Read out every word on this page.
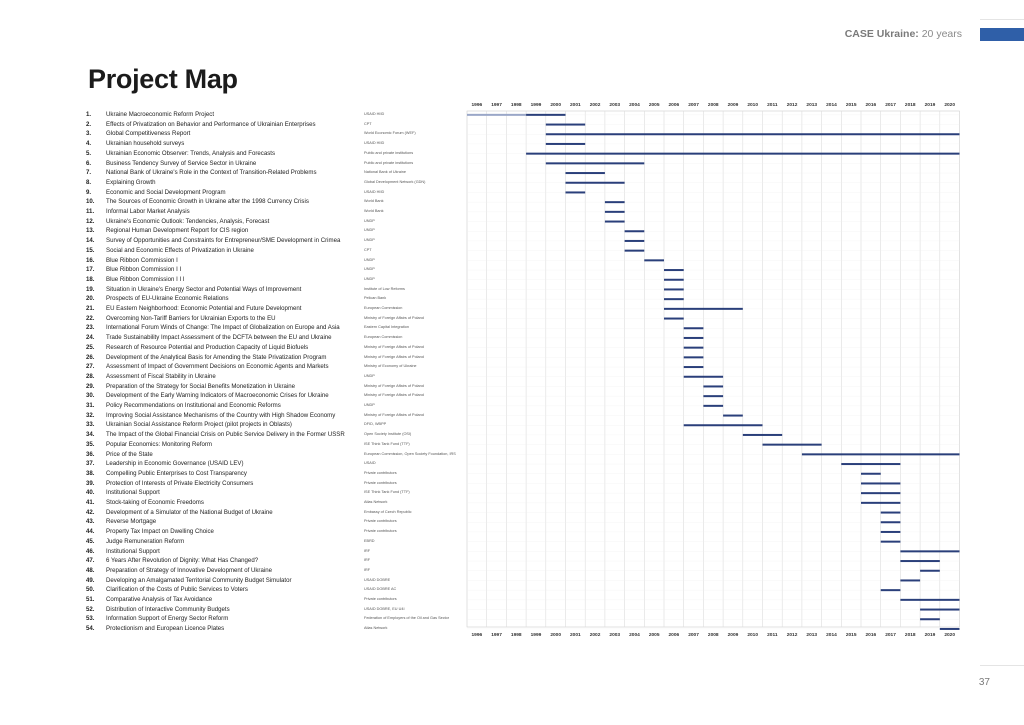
CASE Ukraine: 20 years
Project Map
1.	Ukraine Macroeconomic Reform Project	USAID HIID
2.	Effects of Privatization on Behavior and Performance of Ukrainian Enterprises	CPT
3.	Global Competitiveness Report	World Economic Forum (WEF)
4.	Ukrainian household surveys	USAID HIID
5.	Ukrainian Economic Observer: Trends, Analysis and Forecasts	Public and private institutions
6.	Business Tendency Survey of Service Sector in Ukraine	Public and private institutions
7.	National Bank of Ukraine's Role in the Context of Transition-Related Problems	National Bank of Ukraine
8.	Explaining Growth	Global Development Network (GDN)
9.	Economic and Social Development Program	USAID HIID
10.	The Sources of Economic Growth in Ukraine after the 1998 Currency Crisis	World Bank
11.	Informal Labor Market Analysis	World Bank
12.	Ukraine's Economic Outlook: Tendencies, Analysis, Forecast	UNDP
13.	Regional Human Development Report for CIS region	UNDP
14.	Survey of Opportunities and Constraints for Entrepreneur/SME Development in Crimea	UNDP
15.	Social and Economic Effects of Privatization in Ukraine	CPT
16.	Blue Ribbon Commission I	UNDP
17.	Blue Ribbon Commission I I	UNDP
18.	Blue Ribbon Commission I I I	UNDP
19.	Situation in Ukraine's Energy Sector and Potential Ways of Improvement	Institute of Low Reforms
20.	Prospects of EU-Ukraine Economic Relations	Pelican Bank
21.	EU Eastern Neighborhood: Economic Potential and Future Development	European Commission
22.	Overcoming Non-Tariff Barriers for Ukrainian Exports to the EU	Ministry of Foreign Affairs of Poland
23.	International Forum Winds of Change: The Impact of Globalization on Europe and Asia	Eastern Capital Integration
24.	Trade Sustainability Impact Assessment of the DCFTA between the EU and Ukraine	European Commission
25.	Research of Resource Potential and Production Capacity of Liquid Biofuels	Ministry of Foreign Affairs of Poland
26.	Development of the Analytical Basis for Amending the State Privatization Program	Ministry of Foreign Affairs of Poland
27.	Assessment of Impact of Government Decisions on Economic Agents and Markets	Ministry of Economy of Ukraine
28.	Assessment of Fiscal Stability in Ukraine	UNDP
29.	Preparation of the Strategy for Social Benefits Monetization in Ukraine	Ministry of Foreign Affairs of Poland
30.	Development of the Early Warning Indicators of Macroeconomic Crises for Ukraine	Ministry of Foreign Affairs of Poland
31.	Policy Recommendations on Institutional and Economic Reforms	UNDP
32.	Improving Social Assistance Mechanisms of the Country with High Shadow Economy	Ministry of Foreign Affairs of Poland
33.	Ukrainian Social Assistance Reform Project (pilot projects in Oblasts)	DFID, WBPP
34.	The Impact of the Global Financial Crisis on Public Service Delivery in the Former USSR	Open Society Institute (OSI)
35.	Popular Economics: Monitoring Reform	ISE Think Tank Fund (TTF)
36.	Price of the State	European Commission, Open Society Foundation, IRS
37.	Leadership in Economic Governance (USAID LEV)	USAID
38.	Compelling Public Enterprises to Cost Transparency	Private contributors
39.	Protection of Interests of Private Electricity Consumers	Private contributors
40.	Institutional Support	ISE Think Tank Fund (TTF)
41.	Stock-taking of Economic Freedoms	Atlas Network
42.	Development of a Simulator of the National Budget of Ukraine	Embassy of Czech Republic
43.	Reverse Mortgage	Private contributors
44.	Property Tax Impact on Dwelling Choice	Private contributors
45.	Judge Remuneration Reform	EBRD
46.	Institutional Support	IRF
47.	6 Years After Revolution of Dignity: What Has Changed?	IRF
48.	Preparation of Strategy of Innovative Development of Ukraine	IRF
49.	Developing an Amalgamated Territorial Community Budget Simulator	USAID DOBRE
50.	Clarification of the Costs of Public Services to Voters	USAID DOBRE AC
51.	Comparative Analysis of Tax Avoidance	Private contributors
52.	Distribution of Interactive Community Budgets	USAID DOBRE, EU U4I
53.	Information Support of Energy Sector Reform	Federation of Employers of the Oil and Gas Sector
54.	Protectionism and European Licence Plates	Atlas Network
1996
1996
1997
1997
1998
1998
1999
1999
2000
2000
2001
2001
2002
2002
2003
2003
2004
2004
2005
2005
2006
2006
2007
2007
2008
2008
2009
2009
2010
2010
2011
2011
2012
2012
2013
2013
2014
2014
2015
2015
2016
2016
2017
2017
2018
2018
2019
2019
2020
2020
37
